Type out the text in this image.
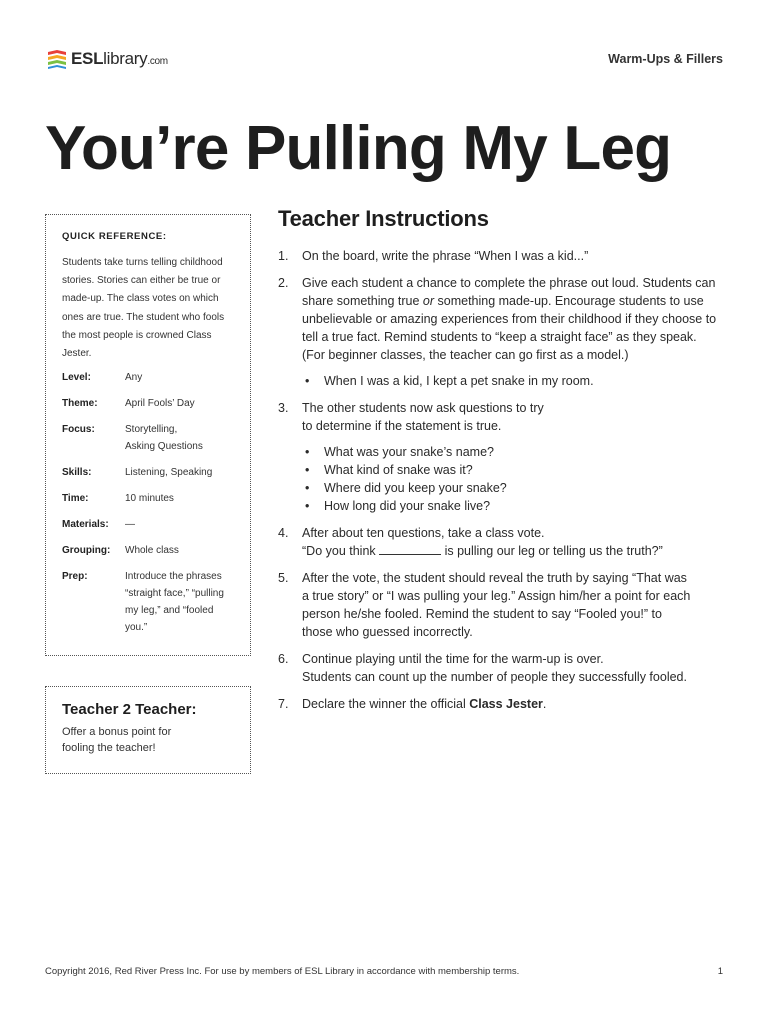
ESLlibrary.com	Warm-Ups & Fillers
You’re Pulling My Leg

QUICK REFERENCE:

Students take turns telling childhood stories. Stories can either be true or made-up. The class votes on which ones are true. The student who fools the most people is crowned Class Jester.

Level:	Any
Theme:	April Fools’ Day
Focus:	Storytelling, Asking Questions
Skills:	Listening, Speaking
Time:	10 minutes
Materials:	—
Grouping:	Whole class
Prep:	Introduce the phrases “straight face,” “pulling my leg,” and “fooled you.”

Teacher 2 Teacher:

Offer a bonus point for fooling the teacher!
Teacher Instructions
1.	On the board, write the phrase “When I was a kid...”
2.	Give each student a chance to complete the phrase out loud. Students can share something true or something made-up. Encourage students to use unbelievable or amazing experiences from their childhood if they choose to tell a true fact. Remind students to “keep a straight face” as they speak. (For beginner classes, the teacher can go first as a model.)
•	When I was a kid, I kept a pet snake in my room.
3.	The other students now ask questions to try to determine if the statement is true.
•	What was your snake’s name?
•	What kind of snake was it?
•	Where did you keep your snake?
•	How long did your snake live?
4.	After about ten questions, take a class vote.
“Do you think	is pulling our leg or telling us the truth?”
5.	After the vote, the student should reveal the truth by saying “That was a true story” or “I was pulling your leg.” Assign him/her a point for each person he/she fooled. Remind the student to say “Fooled you!” to those who guessed incorrectly.
6.	Continue playing until the time for the warm-up is over.
Students can count up the number of people they successfully fooled.
7.	Declare the winner the official Class Jester.
Copyright 2016, Red River Press Inc. For use by members of ESL Library in accordance with membership terms.	1
